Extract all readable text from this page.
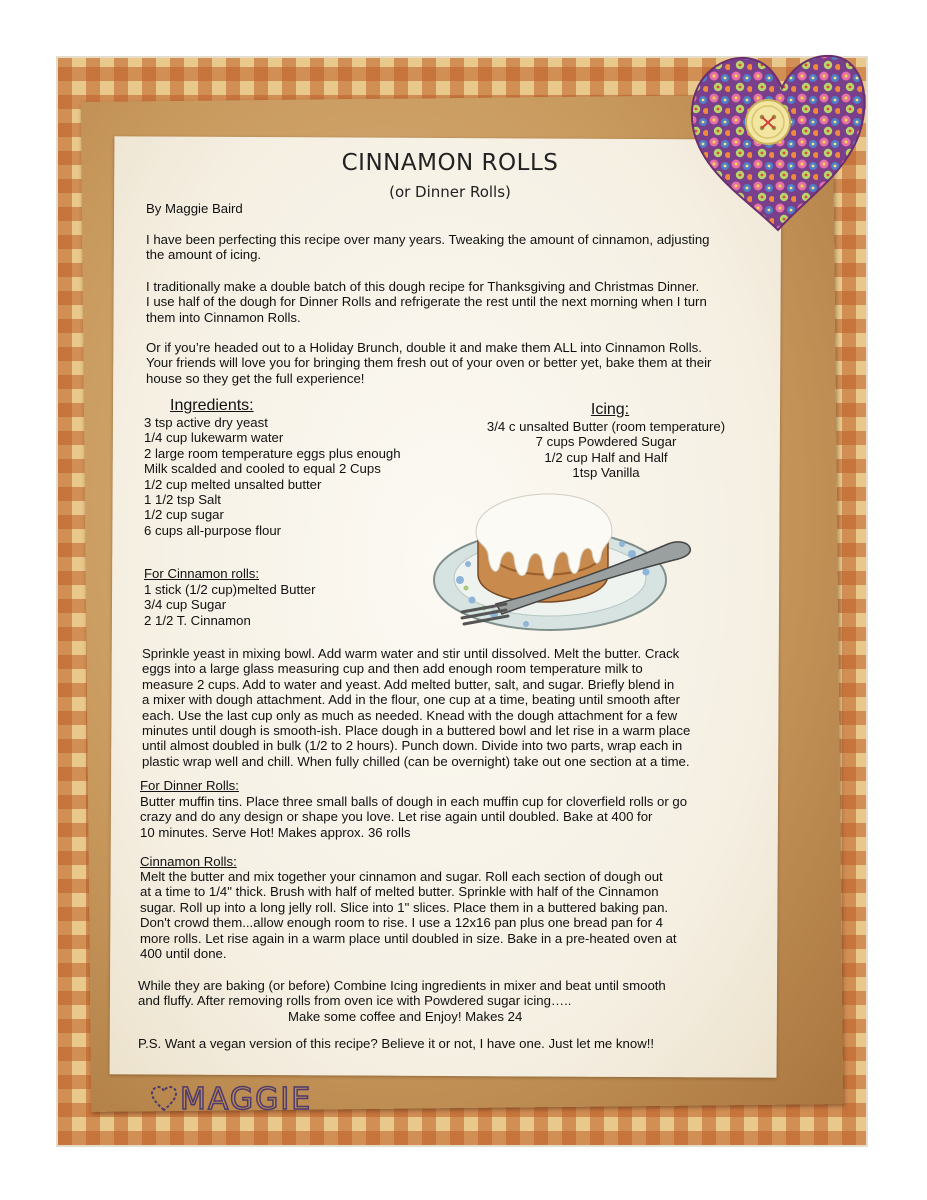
CINNAMON ROLLS
(or Dinner Rolls)
By Maggie Baird
I have been perfecting this recipe over many years. Tweaking the amount of cinnamon, adjusting
the amount of icing.
I traditionally make a double batch of this dough recipe for Thanksgiving and Christmas Dinner.
I use half of the dough for Dinner Rolls and refrigerate the rest until the next morning when I turn
them into Cinnamon Rolls.
Or if you’re headed out to a Holiday Brunch, double it and make them ALL into Cinnamon Rolls.
Your friends will love you for bringing them fresh out of your oven or better yet, bake them at their
house so they get the full experience!
Ingredients:
3 tsp active dry yeast
1/4 cup lukewarm water
2 large room temperature eggs plus enough
Milk scalded and cooled to equal 2 Cups
1/2 cup melted unsalted butter
1 1/2 tsp Salt
1/2 cup sugar
6 cups all-purpose flour
Icing:
3/4 c unsalted Butter (room temperature)
7 cups Powdered Sugar
1/2 cup Half and Half
1tsp Vanilla
For Cinnamon rolls:
1 stick (1/2 cup)melted Butter
3/4 cup Sugar
2 1/2 T. Cinnamon
Sprinkle yeast in mixing bowl. Add warm water and stir until dissolved. Melt the butter. Crack
eggs into a large glass measuring cup and then add enough room temperature milk to
measure 2 cups. Add to water and yeast. Add melted butter, salt, and sugar. Briefly blend in
a mixer with dough attachment. Add in the flour, one cup at a time, beating until smooth after
each. Use the last cup only as much as needed. Knead with the dough attachment for a few
minutes until dough is smooth-ish. Place dough in a buttered bowl and let rise in a warm place
until almost doubled in bulk (1/2 to 2 hours). Punch down. Divide into two parts, wrap each in
plastic wrap well and chill. When fully chilled (can be overnight) take out one section at a time.
For Dinner Rolls:
Butter muffin tins. Place three small balls of dough in each muffin cup for cloverfield rolls or go
crazy and do any design or shape you love. Let rise again until doubled. Bake at 400 for
10 minutes. Serve Hot! Makes approx. 36 rolls
Cinnamon Rolls:
Melt the butter and mix together your cinnamon and sugar. Roll each section of dough out
at a time to 1/4" thick. Brush with half of melted butter. Sprinkle with half of the Cinnamon
sugar. Roll up into a long jelly roll. Slice into 1" slices. Place them in a buttered baking pan.
Don't crowd them...allow enough room to rise. I use a 12x16 pan plus one bread pan for 4
more rolls. Let rise again in a warm place until doubled in size. Bake in a pre-heated oven at
400 until done.
While they are baking (or before) Combine Icing ingredients in mixer and beat until smooth
and fluffy. After removing rolls from oven ice with Powdered sugar icing…..
Make some coffee and Enjoy! Makes 24
P.S. Want a vegan version of this recipe? Believe it or not, I have one. Just let me know!!
MAGGIE
